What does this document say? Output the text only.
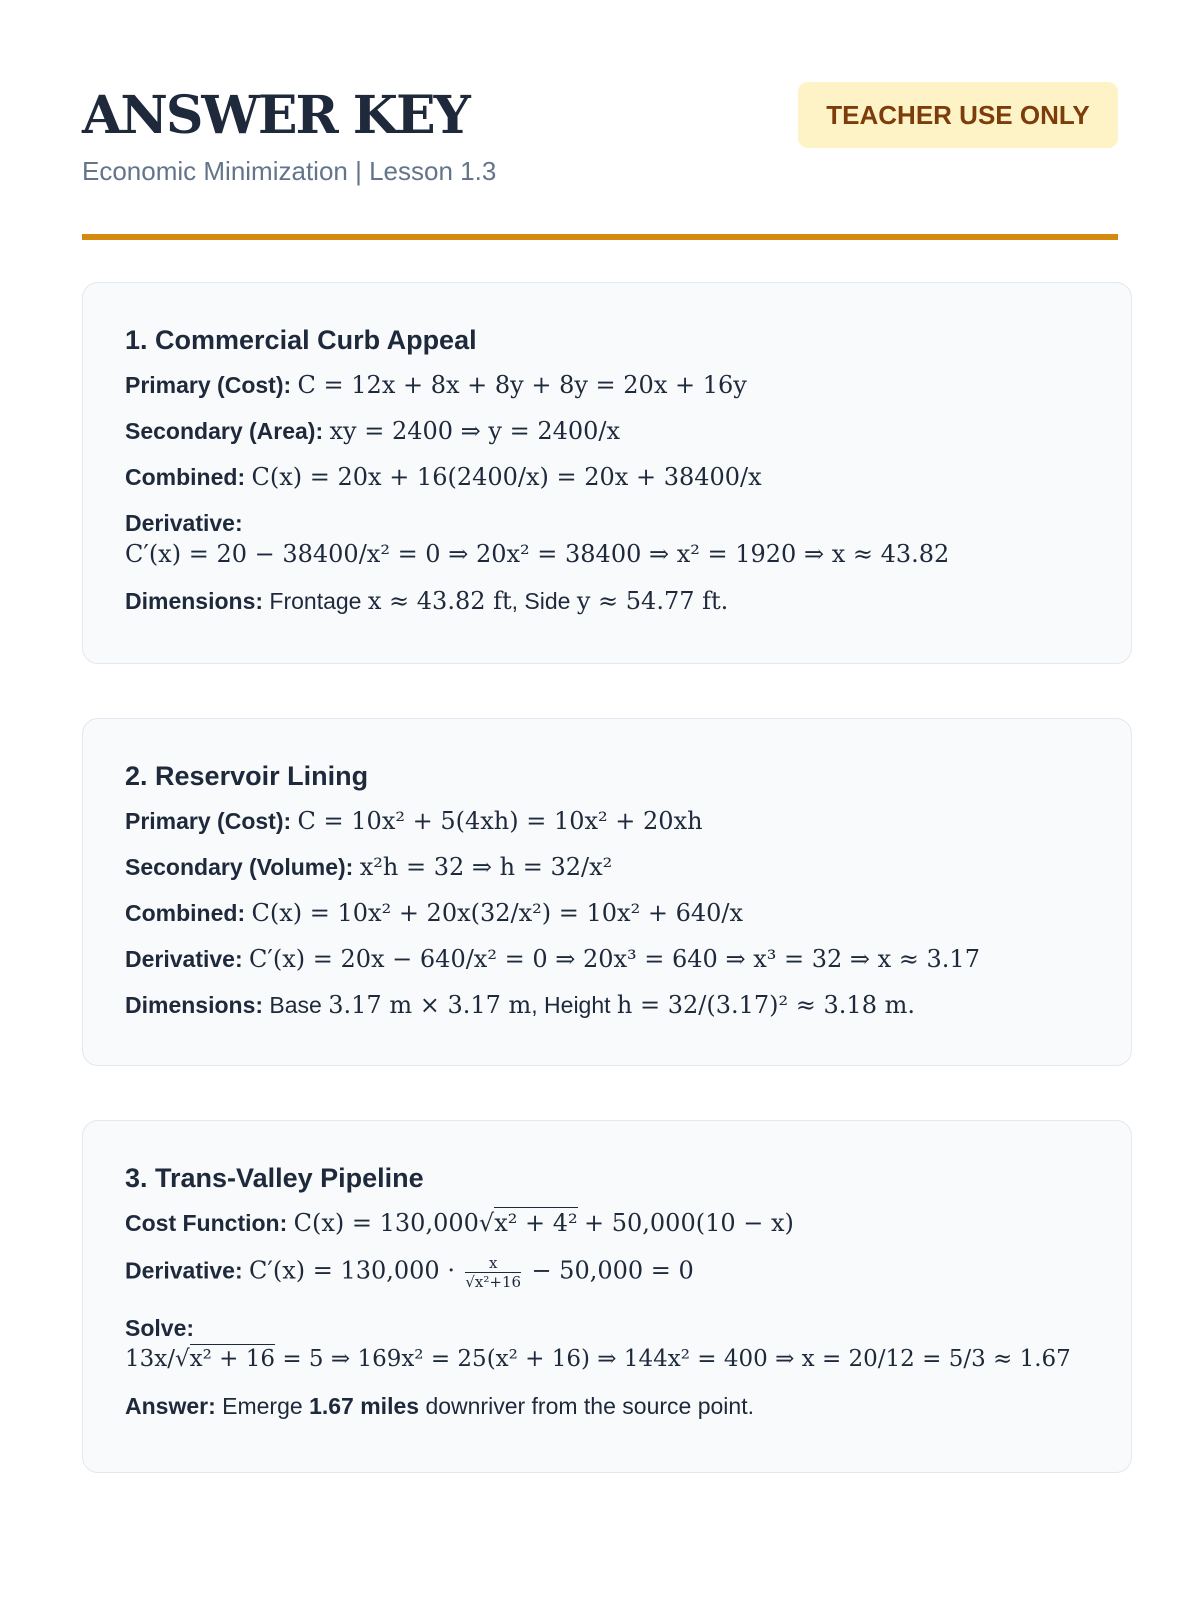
ANSWER KEY
Economic Minimization | Lesson 1.3
TEACHER USE ONLY
1. Commercial Curb Appeal
Primary (Cost): C = 12x + 8x + 8y + 8y = 20x + 16y
Secondary (Area): xy = 2400 ⇒ y = 2400/x
Combined: C(x) = 20x + 16(2400/x) = 20x + 38400/x
Derivative:
C′(x) = 20 − 38400/x² = 0 ⇒ 20x² = 38400 ⇒ x² = 1920 ⇒ x ≈ 43.82
Dimensions: Frontage x ≈ 43.82 ft, Side y ≈ 54.77 ft.
2. Reservoir Lining
Primary (Cost): C = 10x² + 5(4xh) = 10x² + 20xh
Secondary (Volume): x²h = 32 ⇒ h = 32/x²
Combined: C(x) = 10x² + 20x(32/x²) = 10x² + 640/x
Derivative: C′(x) = 20x − 640/x² = 0 ⇒ 20x³ = 640 ⇒ x³ = 32 ⇒ x ≈ 3.17
Dimensions: Base 3.17 m × 3.17 m, Height h = 32/(3.17)² ≈ 3.18 m.
3. Trans-Valley Pipeline
Cost Function: C(x) = 130,000√x² + 4² + 50,000(10 − x)
Derivative: $C'(x) = 130,000 \cdot \frac{x}{\text{√x²+16}} - 50,000 = 0$
Solve:
13x/√x² + 16 = 5 ⇒ 169x² = 25(x² + 16) ⇒ 144x² = 400 ⇒ x = 20/12 = 5/3 ≈ 1.67
Answer: Emerge 1.67 miles downriver from the source point.
